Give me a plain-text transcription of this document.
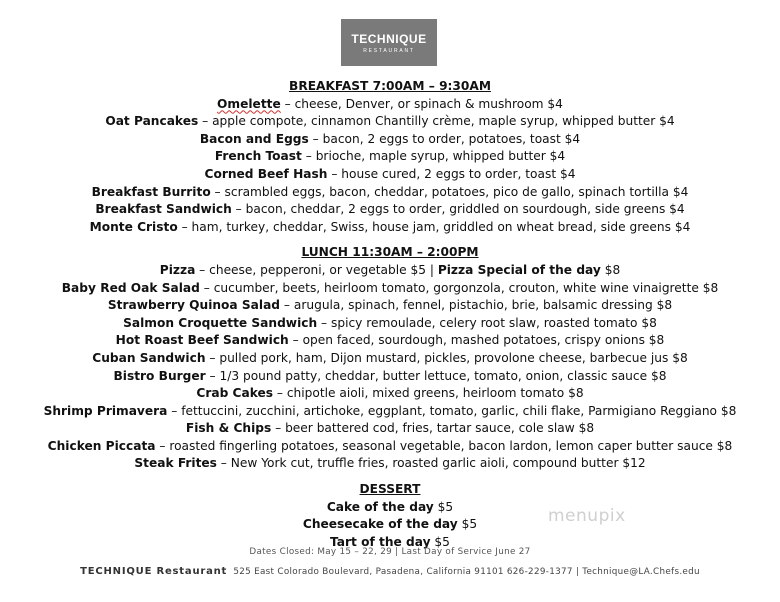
TECHNIQUE
RESTAURANT
BREAKFAST 7:00AM – 9:30AM
Omelette – cheese, Denver, or spinach & mushroom $4
Oat Pancakes – apple compote, cinnamon Chantilly crème, maple syrup, whipped butter $4
Bacon and Eggs – bacon, 2 eggs to order, potatoes, toast $4
French Toast – brioche, maple syrup, whipped butter $4
Corned Beef Hash – house cured, 2 eggs to order, toast $4
Breakfast Burrito – scrambled eggs, bacon, cheddar, potatoes, pico de gallo, spinach tortilla $4
Breakfast Sandwich – bacon, cheddar, 2 eggs to order, griddled on sourdough, side greens $4
Monte Cristo – ham, turkey, cheddar, Swiss, house jam, griddled on wheat bread, side greens $4
LUNCH 11:30AM – 2:00PM
Pizza – cheese, pepperoni, or vegetable $5 | Pizza Special of the day $8
Baby Red Oak Salad – cucumber, beets, heirloom tomato, gorgonzola, crouton, white wine vinaigrette $8
Strawberry Quinoa Salad – arugula, spinach, fennel, pistachio, brie, balsamic dressing $8
Salmon Croquette Sandwich – spicy remoulade, celery root slaw, roasted tomato $8
Hot Roast Beef Sandwich – open faced, sourdough, mashed potatoes, crispy onions $8
Cuban Sandwich – pulled pork, ham, Dijon mustard, pickles, provolone cheese, barbecue jus $8
Bistro Burger – 1/3 pound patty, cheddar, butter lettuce, tomato, onion, classic sauce $8
Crab Cakes – chipotle aioli, mixed greens, heirloom tomato $8
Shrimp Primavera – fettuccini, zucchini, artichoke, eggplant, tomato, garlic, chili flake, Parmigiano Reggiano $8
Fish & Chips – beer battered cod, fries, tartar sauce, cole slaw $8
Chicken Piccata – roasted fingerling potatoes, seasonal vegetable, bacon lardon, lemon caper butter sauce $8
Steak Frites – New York cut, truffle fries, roasted garlic aioli, compound butter $12
DESSERT
Cake of the day $5
Cheesecake of the day $5
Tart of the day $5
menupix
Dates Closed: May 15 – 22, 29 | Last Day of Service June 27
TECHNIQUE Restaurant 525 East Colorado Boulevard, Pasadena, California 91101 626-229-1377 | Technique@LA.Chefs.edu
